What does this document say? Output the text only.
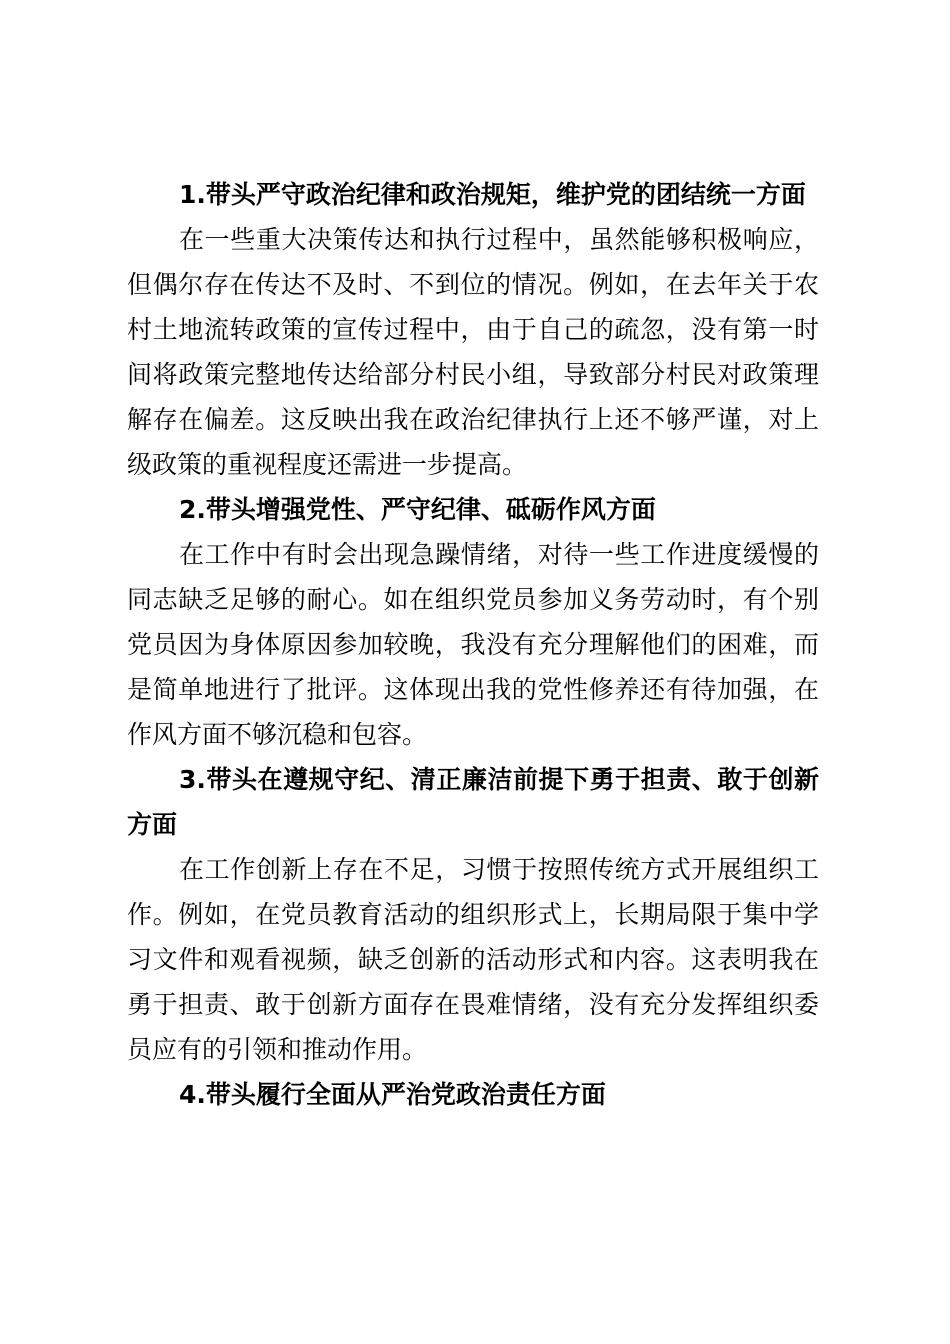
1.带头严守政治纪律和政治规矩，维护党的团结统一方面

在一些重大决策传达和执行过程中，虽然能够积极响应，但偶尔存在传达不及时、不到位的情况。例如，在去年关于农村土地流转政策的宣传过程中，由于自己的疏忽，没有第一时间将政策完整地传达给部分村民小组，导致部分村民对政策理解存在偏差。这反映出我在政治纪律执行上还不够严谨，对上级政策的重视程度还需进一步提高。

2.带头增强党性、严守纪律、砥砺作风方面

在工作中有时会出现急躁情绪，对待一些工作进度缓慢的同志缺乏足够的耐心。如在组织党员参加义务劳动时，有个别党员因为身体原因参加较晚，我没有充分理解他们的困难，而是简单地进行了批评。这体现出我的党性修养还有待加强，在作风方面不够沉稳和包容。

3.带头在遵规守纪、清正廉洁前提下勇于担责、敢于创新方面

在工作创新上存在不足，习惯于按照传统方式开展组织工作。例如，在党员教育活动的组织形式上，长期局限于集中学习文件和观看视频，缺乏创新的活动形式和内容。这表明我在勇于担责、敢于创新方面存在畏难情绪，没有充分发挥组织委员应有的引领和推动作用。

4.带头履行全面从严治党政治责任方面
